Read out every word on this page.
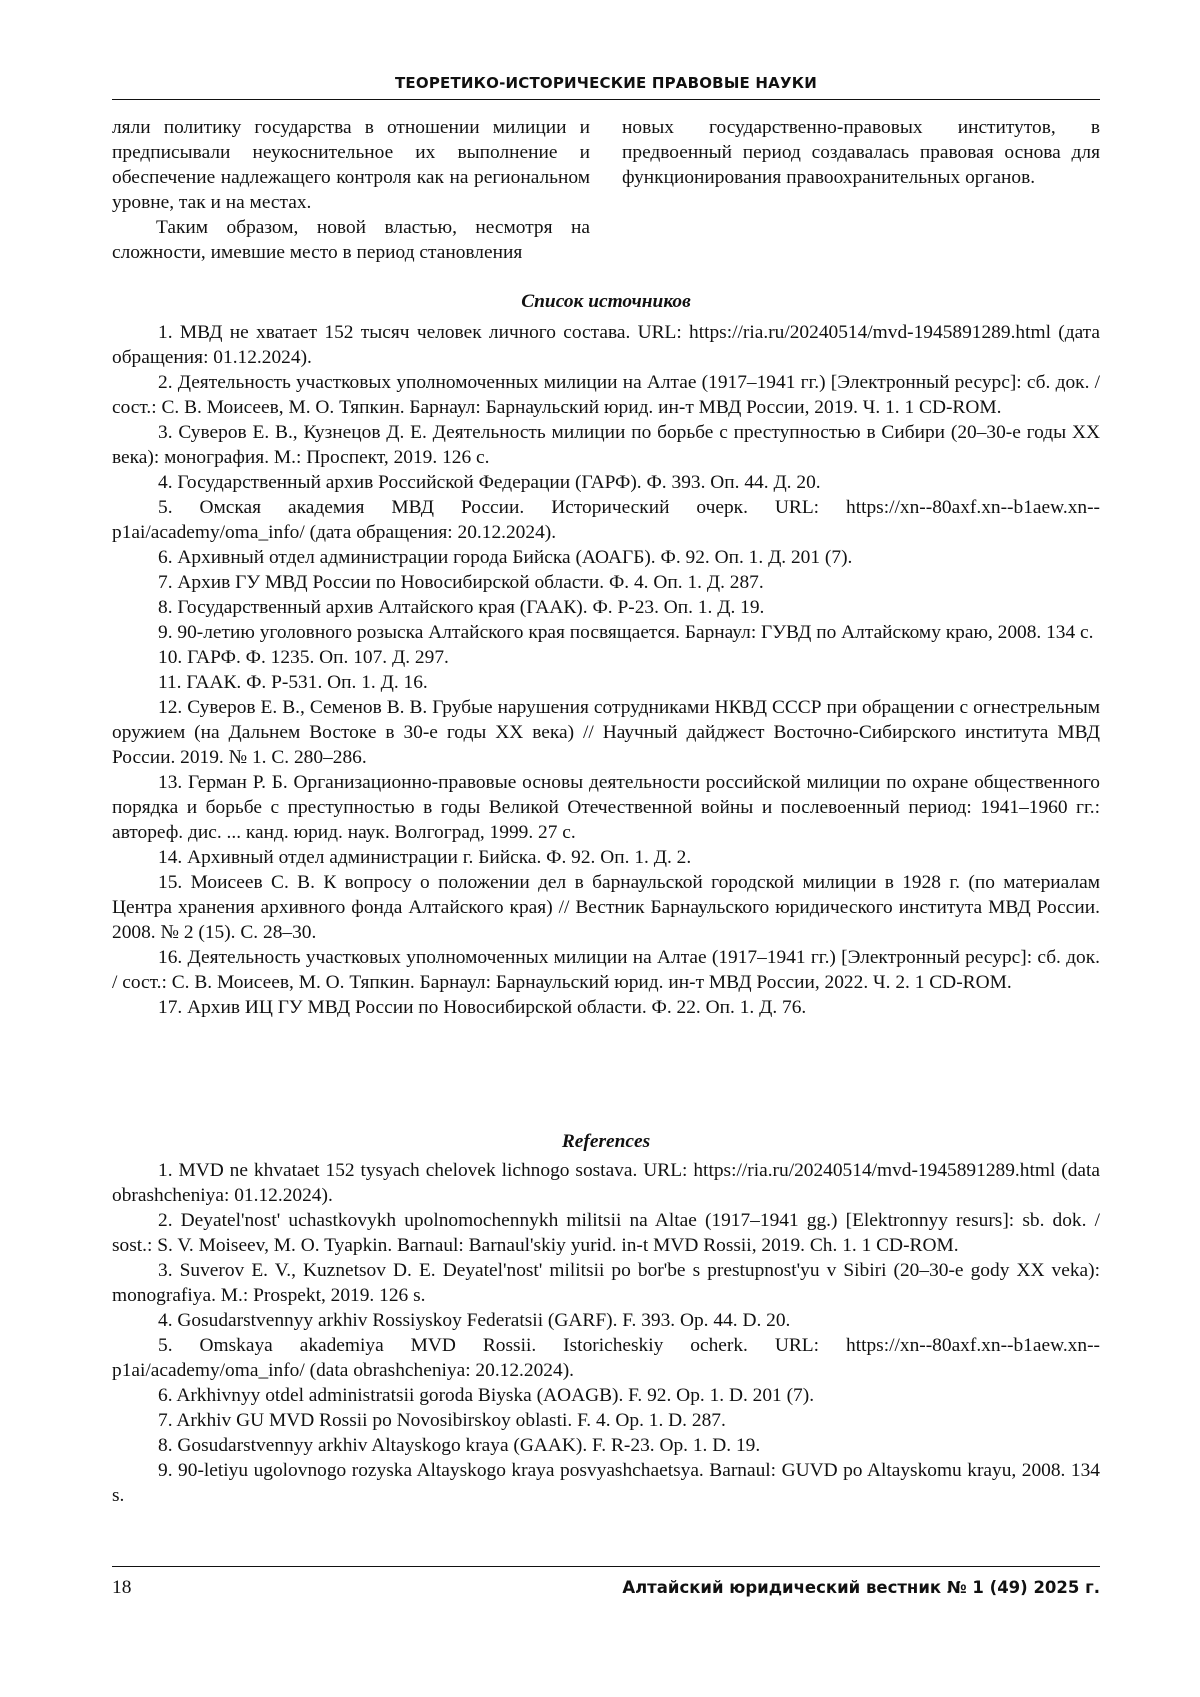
ТЕОРЕТИКО-ИСТОРИЧЕСКИЕ ПРАВОВЫЕ НАУКИ

ляли политику государства в отношении милиции и предписывали неукоснительное их выполнение и обеспечение надлежащего контроля как на региональном уровне, так и на местах.

Таким образом, новой властью, несмотря на сложности, имевшие место в период становления

новых государственно-правовых институтов, в предвоенный период создавалась правовая основа для функционирования правоохранительных органов.

Список источников
1. МВД не хватает 152 тысяч человек личного состава. URL: https://ria.ru/20240514/mvd-1945891289.html (дата обращения: 01.12.2024).
2. Деятельность участковых уполномоченных милиции на Алтае (1917–1941 гг.) [Электронный ресурс]: сб. док. / сост.: С. В. Моисеев, М. О. Тяпкин. Барнаул: Барнаульский юрид. ин-т МВД России, 2019. Ч. 1. 1 CD-ROM.
3. Суверов Е. В., Кузнецов Д. Е. Деятельность милиции по борьбе с преступностью в Сибири (20–30-е годы XX века): монография. М.: Проспект, 2019. 126 с.
4. Государственный архив Российской Федерации (ГАРФ). Ф. 393. Оп. 44. Д. 20.
5. Омская академия МВД России. Исторический очерк. URL: https://xn--80axf.xn--b1aew.xn--p1ai/academy/oma_info/ (дата обращения: 20.12.2024).
6. Архивный отдел администрации города Бийска (АОАГБ). Ф. 92. Оп. 1. Д. 201 (7).
7. Архив ГУ МВД России по Новосибирской области. Ф. 4. Оп. 1. Д. 287.
8. Государственный архив Алтайского края (ГААК). Ф. Р-23. Оп. 1. Д. 19.
9. 90-летию уголовного розыска Алтайского края посвящается. Барнаул: ГУВД по Алтайскому краю, 2008. 134 с.
10. ГАРФ. Ф. 1235. Оп. 107. Д. 297.
11. ГААК. Ф. Р-531. Оп. 1. Д. 16.
12. Суверов Е. В., Семенов В. В. Грубые нарушения сотрудниками НКВД СССР при обращении с огнестрельным оружием (на Дальнем Востоке в 30-е годы XX века) // Научный дайджест Восточно-Сибирского института МВД России. 2019. № 1. С. 280–286.
13. Герман Р. Б. Организационно-правовые основы деятельности российской милиции по охране общественного порядка и борьбе с преступностью в годы Великой Отечественной войны и послевоенный период: 1941–1960 гг.: автореф. дис. ... канд. юрид. наук. Волгоград, 1999. 27 с.
14. Архивный отдел администрации г. Бийска. Ф. 92. Оп. 1. Д. 2.
15. Моисеев С. В. К вопросу о положении дел в барнаульской городской милиции в 1928 г. (по материалам Центра хранения архивного фонда Алтайского края) // Вестник Барнаульского юридического института МВД России. 2008. № 2 (15). С. 28–30.
16. Деятельность участковых уполномоченных милиции на Алтае (1917–1941 гг.) [Электронный ресурс]: сб. док. / сост.: С. В. Моисеев, М. О. Тяпкин. Барнаул: Барнаульский юрид. ин-т МВД России, 2022. Ч. 2. 1 CD-ROM.
17. Архив ИЦ ГУ МВД России по Новосибирской области. Ф. 22. Оп. 1. Д. 76.
References
1. MVD ne khvataet 152 tysyach chelovek lichnogo sostava. URL: https://ria.ru/20240514/mvd-1945891289.html (data obrashcheniya: 01.12.2024).
2. Deyatel'nost' uchastkovykh upolnomochennykh militsii na Altae (1917–1941 gg.) [Elektronnyy resurs]: sb. dok. / sost.: S. V. Moiseev, M. O. Tyapkin. Barnaul: Barnaul'skiy yurid. in-t MVD Rossii, 2019. Ch. 1. 1 CD-ROM.
3. Suverov E. V., Kuznetsov D. E. Deyatel'nost' militsii po bor'be s prestupnost'yu v Sibiri (20–30-e gody XX veka): monografiya. M.: Prospekt, 2019. 126 s.
4. Gosudarstvennyy arkhiv Rossiyskoy Federatsii (GARF). F. 393. Op. 44. D. 20.
5. Omskaya akademiya MVD Rossii. Istoricheskiy ocherk. URL: https://xn--80axf.xn--b1aew.xn--p1ai/academy/oma_info/ (data obrashcheniya: 20.12.2024).
6. Arkhivnyy otdel administratsii goroda Biyska (AOAGB). F. 92. Op. 1. D. 201 (7).
7. Arkhiv GU MVD Rossii po Novosibirskoy oblasti. F. 4. Op. 1. D. 287.
8. Gosudarstvennyy arkhiv Altayskogo kraya (GAAK). F. R-23. Op. 1. D. 19.
9. 90-letiyu ugolovnogo rozyska Altayskogo kraya posvyashchaetsya. Barnaul: GUVD po Altayskomu krayu, 2008. 134 s.
18	Алтайский юридический вестник № 1 (49) 2025 г.
